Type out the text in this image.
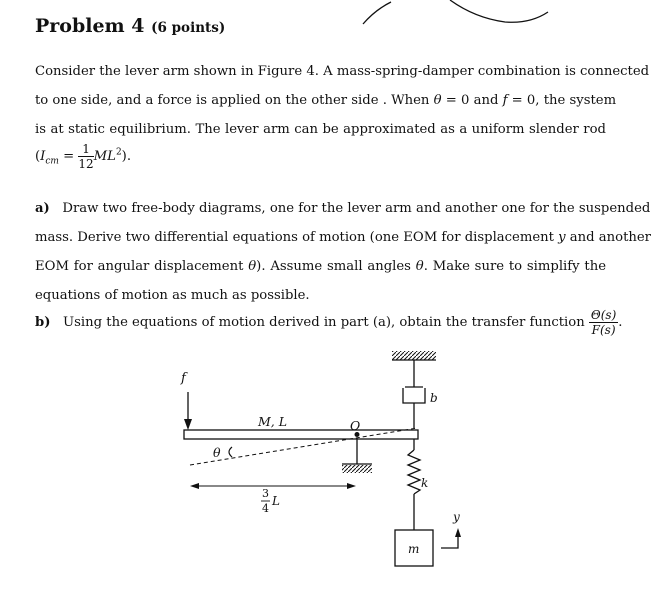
Problem 4 (6 points)
Consider the lever arm shown in Figure 4. A mass-spring-damper combination is connected
to one side, and a force is applied on the other side . When θ = 0 and f = 0, the system
is at static equilibrium. The lever arm can be approximated as a uniform slender rod
$(I_{cm} = \frac{1}{12} ML^2)$.
a) Draw two free-body diagrams, one for the lever arm and another one for the suspended
mass. Derive two differential equations of motion (one EOM for displacement y and another
EOM for angular displacement θ). Assume small angles θ. Make sure to simplify the
equations of motion as much as possible.
b) Using the equations of motion derived in part (a), obtain the transfer function $\frac{\Theta(s)}{F(s)}$ .
b
f
M, L	O
θ
k
m
y
3
4
L
